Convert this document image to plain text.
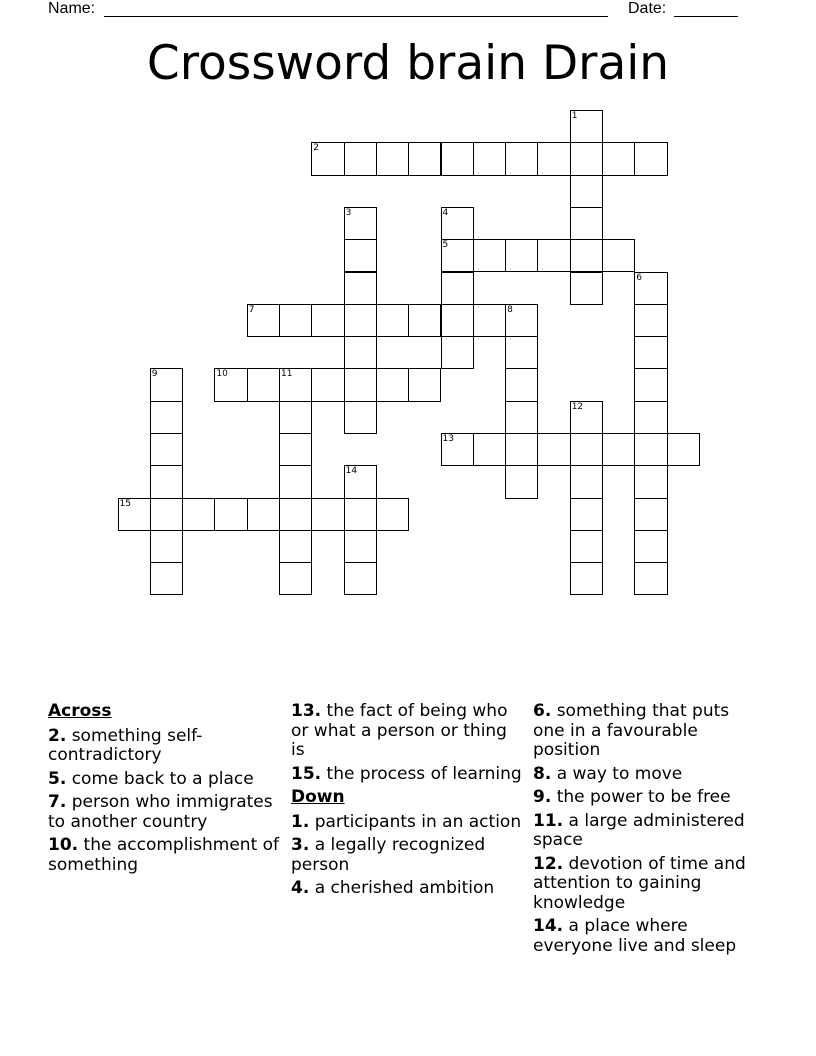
Name:	Date:
Crossword brain Drain
2
5
7	8
10	11
13
15
1
3	4
6
9
12
14
Across
2. something self-contradictory
5. come back to a place
7. person who immigrates to another country
10. the accomplishment of something
13. the fact of being who or what a person or thing is
15. the process of learning
Down
1. participants in an action
3. a legally recognized person
4. a cherished ambition
6. something that puts one in a favourable position
8. a way to move
9. the power to be free
11. a large administered space
12. devotion of time and attention to gaining knowledge
14. a place where everyone live and sleep
